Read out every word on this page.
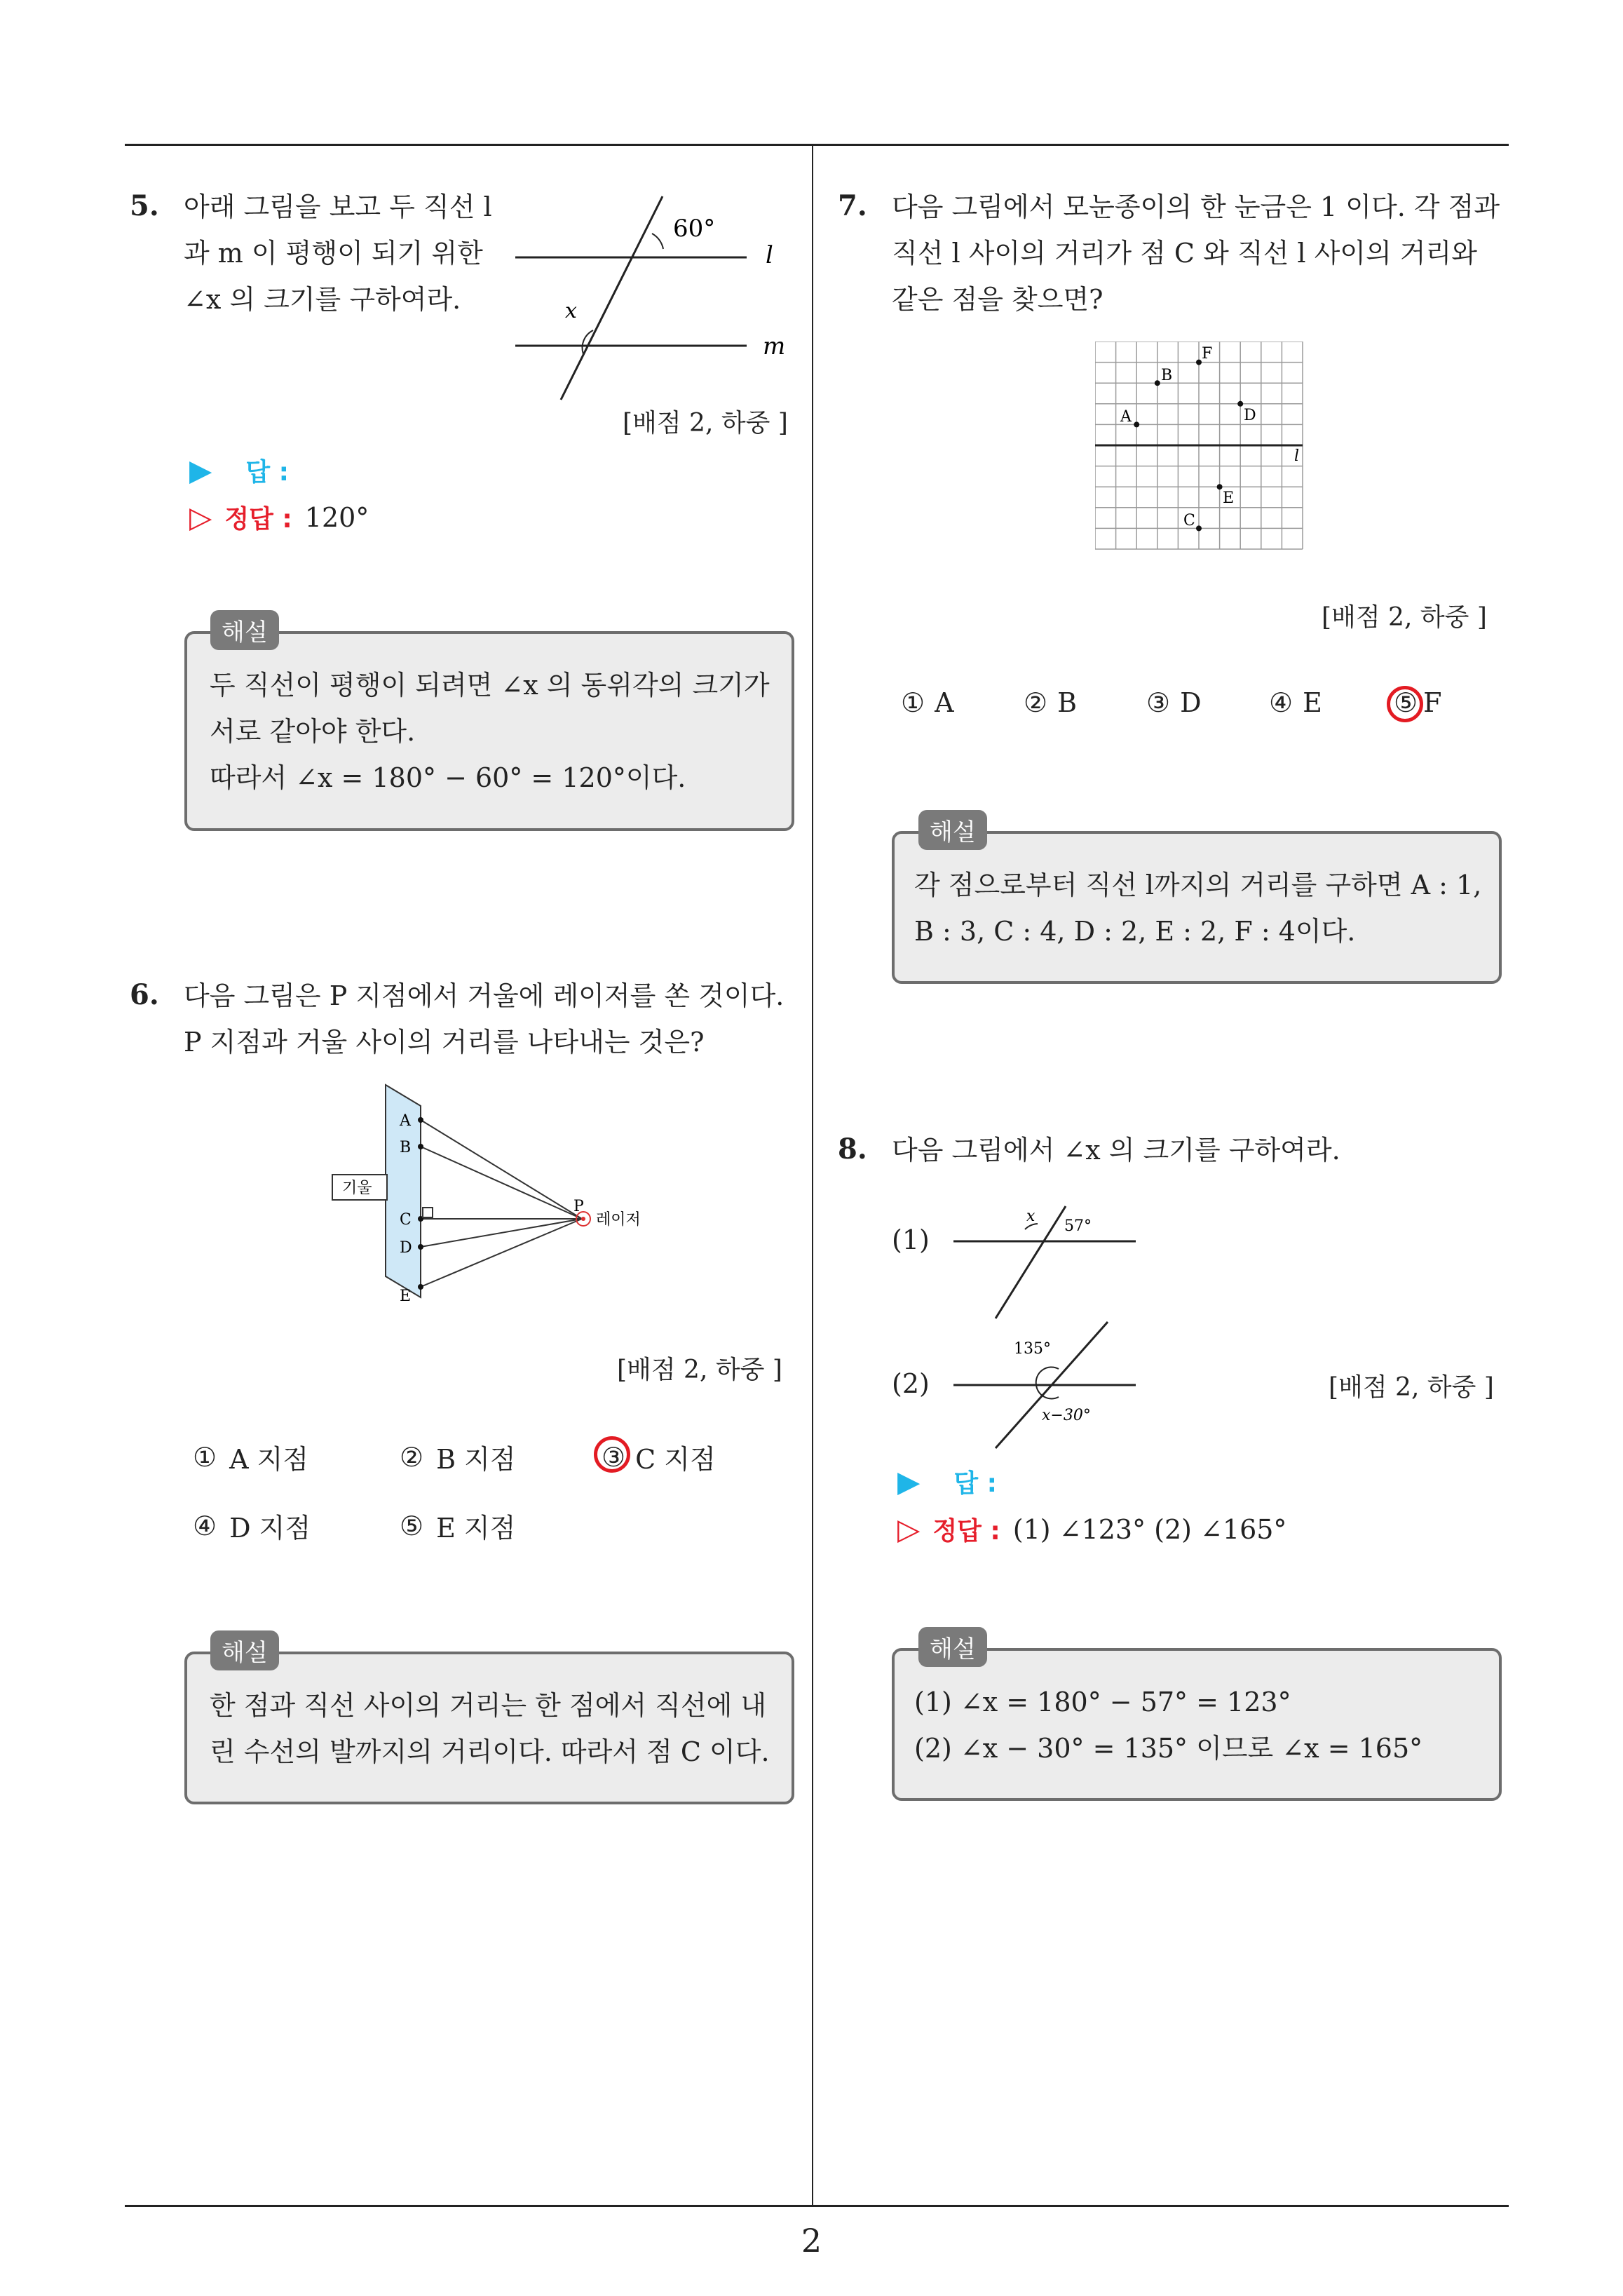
2
5. 아래 그림을 보고 두 직선 l
과 m 이 평행이 되기 위한
∠x 의 크기를 구하여라.
60°
l
m
x
[배점 2, 하중 ]
▶ 답 :
▷ 정답 : 120°
두 직선이 평행이 되려면 ∠x 의 동위각의 크기가
서로 같아야 한다.
따라서 ∠x = 180° − 60° = 120°이다.
해설
6. 다음 그림은 P 지점에서 거울에 레이저를 쏜 것이다.
P 지점과 거울 사이의 거리를 나타내는 것은?
A
B
C
D
E
P
레이저
기울
[배점 2, 하중 ]
① A 지점	② B 지점	③ C 지점
④ D 지점	⑤ E 지점
한 점과 직선 사이의 거리는 한 점에서 직선에 내
린 수선의 발까지의 거리이다. 따라서 점 C 이다.
해설
7. 다음 그림에서 모눈종이의 한 눈금은 1 이다. 각 점과
직선 l 사이의 거리가 점 C 와 직선 l 사이의 거리와
같은 점을 찾으면?
l
A
B
C
D
E
F
[배점 2, 하중 ]
① A	② B	③ D	④ E	⑤ F
각 점으로부터 직선 l까지의 거리를 구하면 A : 1,
B : 3, C : 4, D : 2, E : 2, F : 4이다.
해설
8. 다음 그림에서 ∠x 의 크기를 구하여라.
(1)
x
57°
(2)
135°
x−30°
[배점 2, 하중 ]
▶ 답 :
▷ 정답 : (1) ∠123° (2) ∠165°
(1) ∠x = 180° − 57° = 123°
(2) ∠x − 30° = 135° 이므로 ∠x = 165°
해설
